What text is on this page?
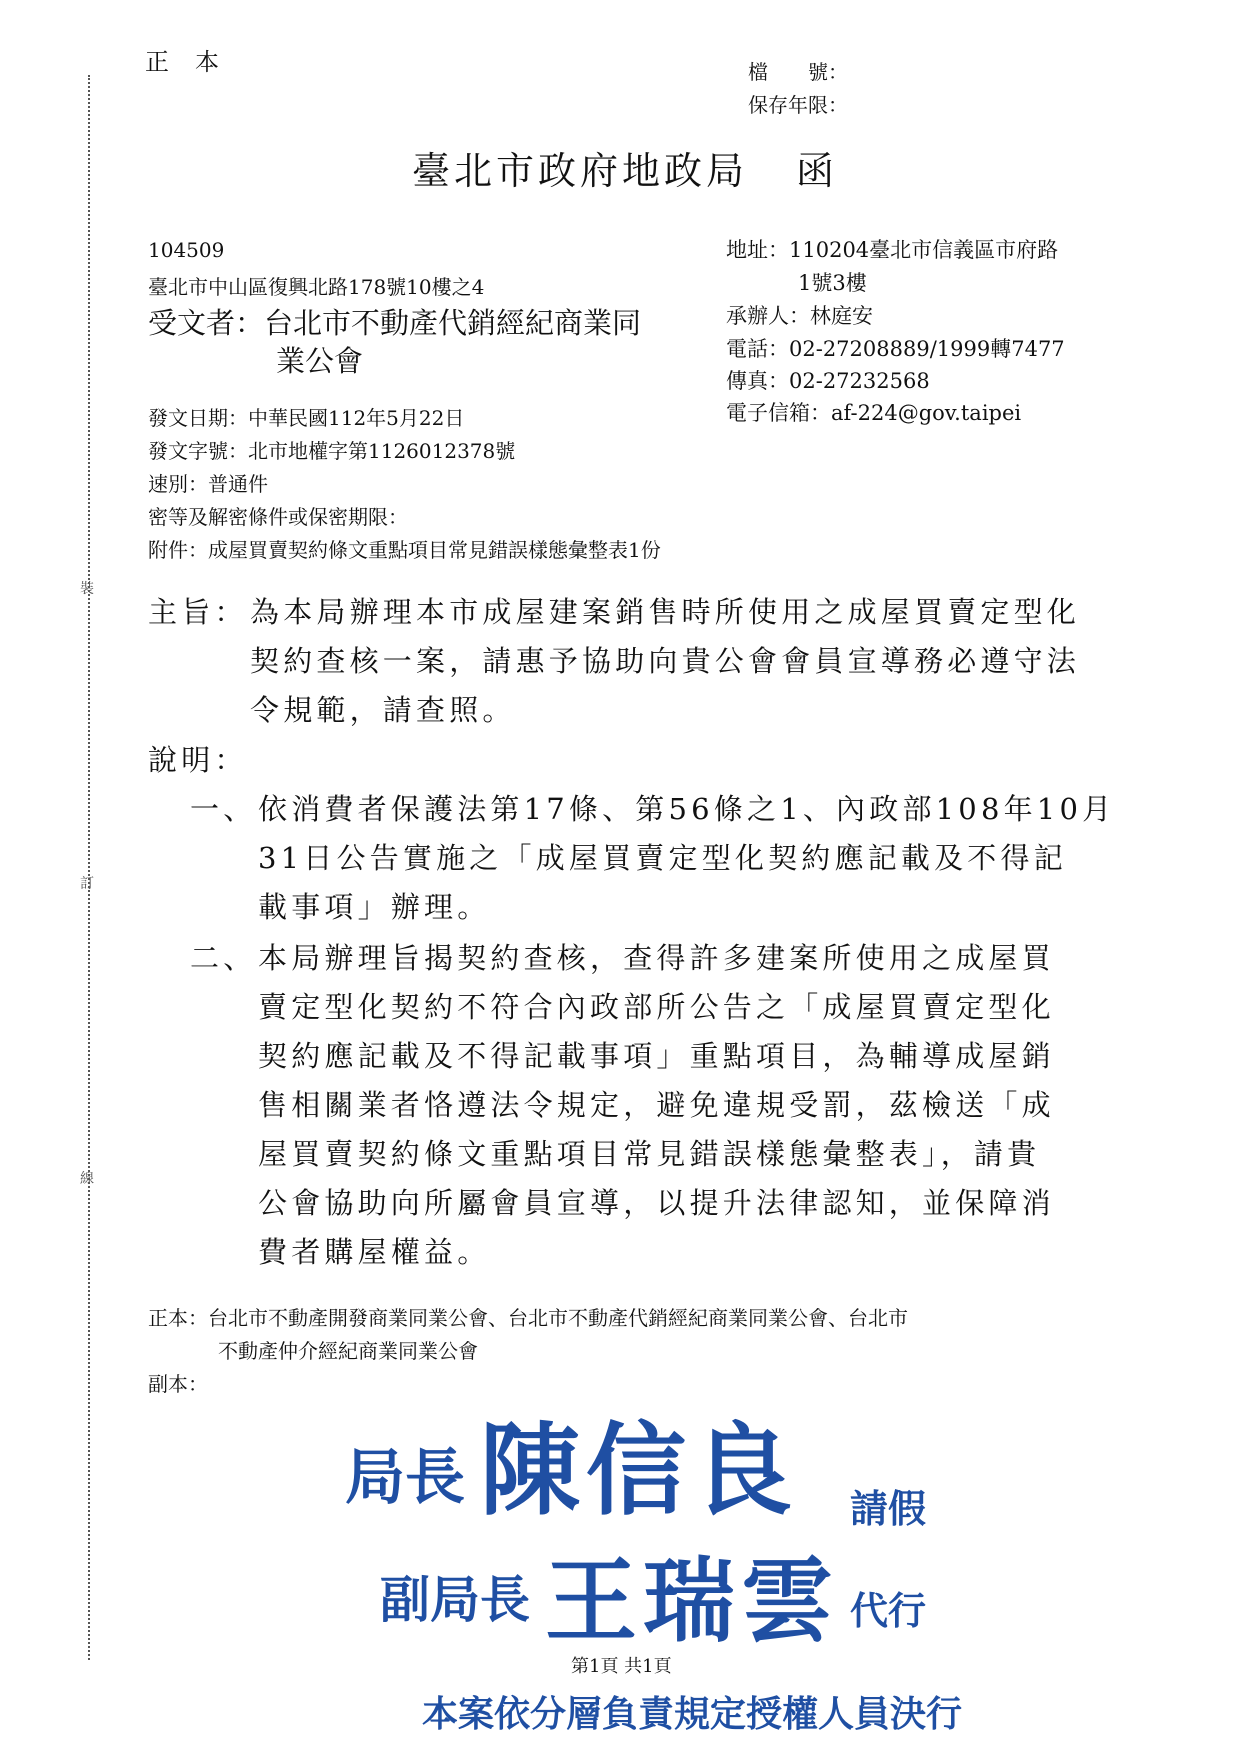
裝
訂
線
正本	檔　　號：
保存年限：
臺北市政府地政局 函
104509
臺北市中山區復興北路178號10樓之4
受文者：台北市不動產代銷經紀商業同
業公會
地址：110204臺北市信義區市府路
1號3樓
承辦人：林庭安
電話：02-27208889/1999轉7477
傳真：02-27232568
電子信箱：af-224@gov.taipei
發文日期：中華民國112年5月22日
發文字號：北市地權字第1126012378號
速別：普通件
密等及解密條件或保密期限：
附件：成屋買賣契約條文重點項目常見錯誤樣態彙整表1份
主旨： 為本局辦理本市成屋建案銷售時所使用之成屋買賣定型化
契約查核一案，請惠予協助向貴公會會員宣導務必遵守法
令規範，請查照。
說明：
一、 依消費者保護法第17條、第56條之1、內政部108年10月
31日公告實施之「成屋買賣定型化契約應記載及不得記
載事項」辦理。
二、 本局辦理旨揭契約查核，查得許多建案所使用之成屋買
賣定型化契約不符合內政部所公告之「成屋買賣定型化
契約應記載及不得記載事項」重點項目，為輔導成屋銷
售相關業者恪遵法令規定，避免違規受罰，茲檢送「成
屋買賣契約條文重點項目常見錯誤樣態彙整表」，請貴
公會協助向所屬會員宣導，以提升法律認知，並保障消
費者購屋權益。
正本：台北市不動產開發商業同業公會、台北市不動產代銷經紀商業同業公會、台北市
不動產仲介經紀商業同業公會
副本：
局長 陳信良 請假
副局長 王瑞雲 代行
第1頁 共1頁
本案依分層負責規定授權人員決行
